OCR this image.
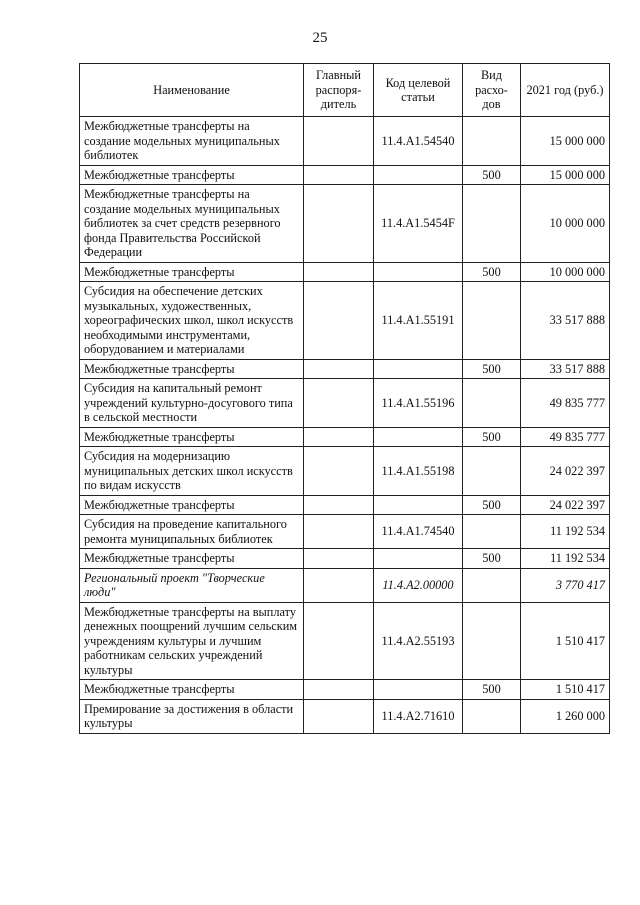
25
Наименование	Главный распоря-дитель	Код целевой статьи	Вид расхо-дов	2021 год (руб.)
Межбюджетные трансферты на создание модельных муниципальных библиотек		11.4.A1.54540		15 000 000
Межбюджетные трансферты			500	15 000 000
Межбюджетные трансферты на создание модельных муниципальных библиотек за счет средств резервного фонда Правительства Российской Федерации		11.4.A1.5454F		10 000 000
Межбюджетные трансферты			500	10 000 000
Субсидия на обеспечение детских музыкальных, художественных, хореографических школ, школ искусств необходимыми инструментами, оборудованием и материалами		11.4.A1.55191		33 517 888
Межбюджетные трансферты			500	33 517 888
Субсидия на капитальный ремонт учреждений культурно-досугового типа в сельской местности		11.4.A1.55196		49 835 777
Межбюджетные трансферты			500	49 835 777
Субсидия на модернизацию муниципальных детских школ искусств по видам искусств		11.4.A1.55198		24 022 397
Межбюджетные трансферты			500	24 022 397
Субсидия на проведение капитального ремонта муниципальных библиотек		11.4.A1.74540		11 192 534
Межбюджетные трансферты			500	11 192 534
Региональный проект "Творческие люди"		11.4.A2.00000		3 770 417
Межбюджетные трансферты на выплату денежных поощрений лучшим сельским учреждениям культуры и лучшим работникам сельских учреждений культуры		11.4.A2.55193		1 510 417
Межбюджетные трансферты			500	1 510 417
Премирование за достижения в области культуры		11.4.A2.71610		1 260 000
